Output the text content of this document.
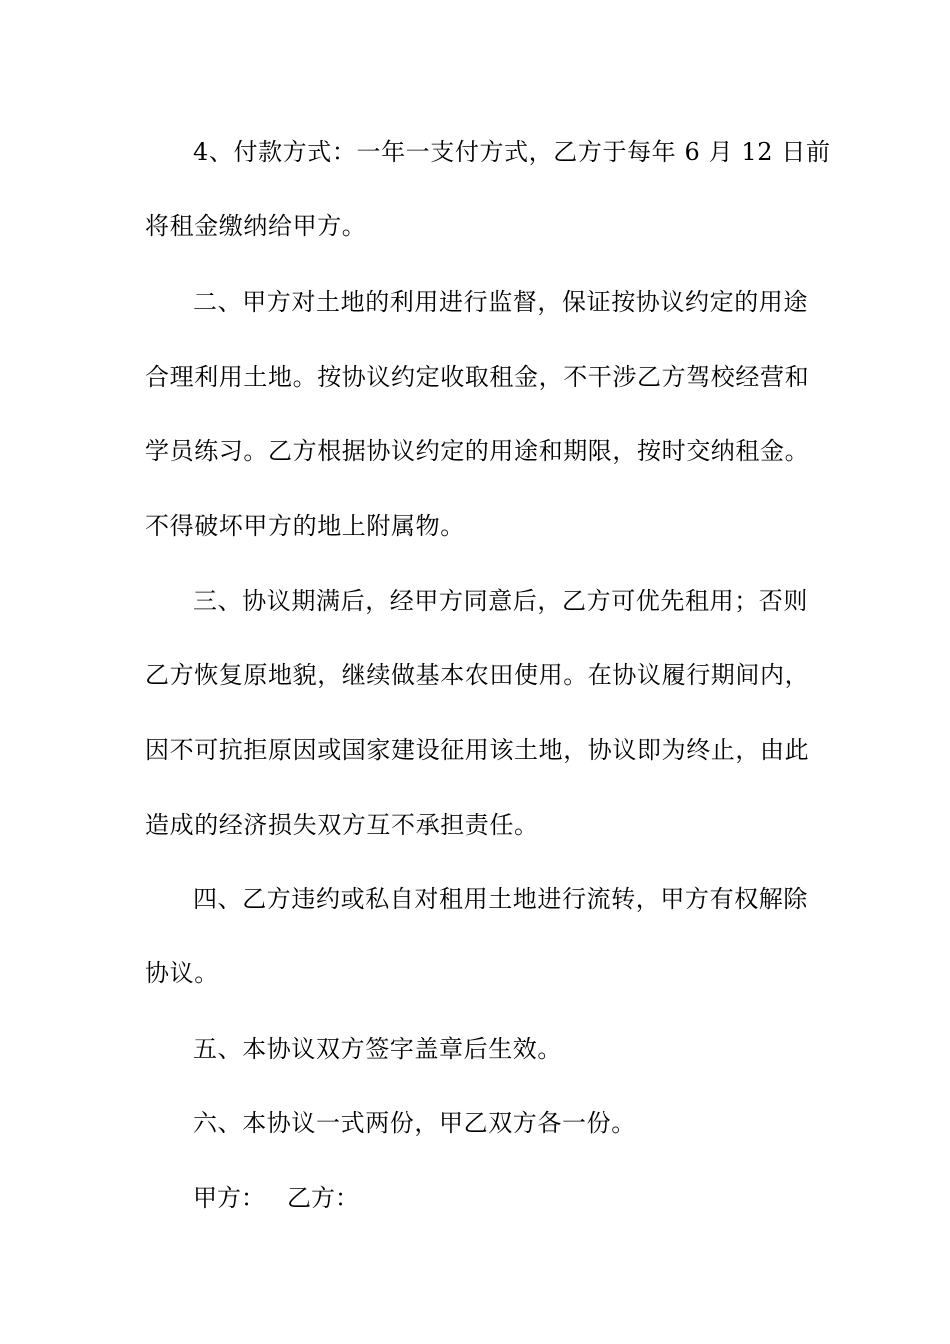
4、付款方式：一年一支付方式，乙方于每年 6 月 12 日前
将租金缴纳给甲方。
二、甲方对土地的利用进行监督，保证按协议约定的用途
合理利用土地。按协议约定收取租金，不干涉乙方驾校经营和
学员练习。乙方根据协议约定的用途和期限，按时交纳租金。
不得破坏甲方的地上附属物。
三、协议期满后，经甲方同意后，乙方可优先租用；否则
乙方恢复原地貌，继续做基本农田使用。在协议履行期间内，
因不可抗拒原因或国家建设征用该土地，协议即为终止，由此
造成的经济损失双方互不承担责任。
四、乙方违约或私自对租用土地进行流转，甲方有权解除
协议。
五、本协议双方签字盖章后生效。
六、本协议一式两份，甲乙双方各一份。
甲方： 乙方：
